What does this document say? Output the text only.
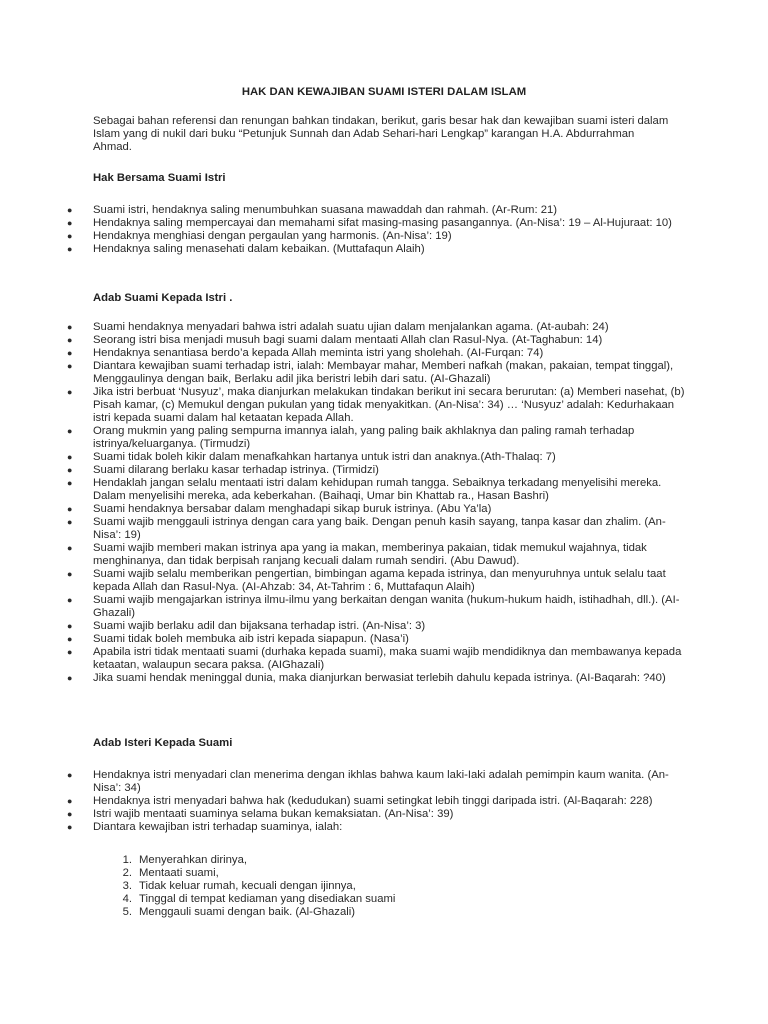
HAK DAN KEWAJIBAN SUAMI ISTERI DALAM ISLAM
Sebagai bahan referensi dan renungan bahkan tindakan, berikut, garis besar hak dan kewajiban suami isteri dalam Islam yang di nukil dari buku “Petunjuk Sunnah dan Adab Sehari-hari Lengkap” karangan H.A. Abdurrahman Ahmad.
Hak Bersama Suami Istri
● Suami istri, hendaknya saling menumbuhkan suasana mawaddah dan rahmah. (Ar-Rum: 21)
● Hendaknya saling mempercayai dan memahami sifat masing-masing pasangannya. (An-Nisa’: 19 – Al-Hujuraat: 10)
● Hendaknya menghiasi dengan pergaulan yang harmonis. (An-Nisa’: 19)
● Hendaknya saling menasehati dalam kebaikan. (Muttafaqun Alaih)
Adab Suami Kepada Istri .
● Suami hendaknya menyadari bahwa istri adalah suatu ujian dalam menjalankan agama. (At-aubah: 24)
● Seorang istri bisa menjadi musuh bagi suami dalam mentaati Allah clan Rasul-Nya. (At-Taghabun: 14)
● Hendaknya senantiasa berdo’a kepada Allah meminta istri yang sholehah. (AI-Furqan: 74)
● Diantara kewajiban suami terhadap istri, ialah: Membayar mahar, Memberi nafkah (makan, pakaian, tempat tinggal), Menggaulinya dengan baik, Berlaku adil jika beristri lebih dari satu. (AI-Ghazali)
● Jika istri berbuat ‘Nusyuz’, maka dianjurkan melakukan tindakan berikut ini secara berurutan: (a) Memberi nasehat, (b) Pisah kamar, (c) Memukul dengan pukulan yang tidak menyakitkan. (An-Nisa’: 34) … ‘Nusyuz’ adalah: Kedurhakaan istri kepada suami dalam hal ketaatan kepada Allah.
● Orang mukmin yang paling sempurna imannya ialah, yang paling baik akhlaknya dan paling ramah terhadap istrinya/keluarganya. (Tirmudzi)
● Suami tidak boleh kikir dalam menafkahkan hartanya untuk istri dan anaknya.(Ath-Thalaq: 7)
● Suami dilarang berlaku kasar terhadap istrinya. (Tirmidzi)
● Hendaklah jangan selalu mentaati istri dalam kehidupan rumah tangga. Sebaiknya terkadang menyelisihi mereka. Dalam menyelisihi mereka, ada keberkahan. (Baihaqi, Umar bin Khattab ra., Hasan Bashri)
● Suami hendaknya bersabar dalam menghadapi sikap buruk istrinya. (Abu Ya’la)
● Suami wajib menggauli istrinya dengan cara yang baik. Dengan penuh kasih sayang, tanpa kasar dan zhalim. (An-Nisa’: 19)
● Suami wajib memberi makan istrinya apa yang ia makan, memberinya pakaian, tidak memukul wajahnya, tidak menghinanya, dan tidak berpisah ranjang kecuali dalam rumah sendiri. (Abu Dawud).
● Suami wajib selalu memberikan pengertian, bimbingan agama kepada istrinya, dan menyuruhnya untuk selalu taat kepada Allah dan Rasul-Nya. (AI-Ahzab: 34, At-Tahrim : 6, Muttafaqun Alaih)
● Suami wajib mengajarkan istrinya ilmu-ilmu yang berkaitan dengan wanita (hukum-hukum haidh, istihadhah, dll.). (AI-Ghazali)
● Suami wajib berlaku adil dan bijaksana terhadap istri. (An-Nisa’: 3)
● Suami tidak boleh membuka aib istri kepada siapapun. (Nasa’i)
● Apabila istri tidak mentaati suami (durhaka kepada suami), maka suami wajib mendidiknya dan membawanya kepada ketaatan, walaupun secara paksa. (AIGhazali)
● Jika suami hendak meninggal dunia, maka dianjurkan berwasiat terlebih dahulu kepada istrinya. (AI-Baqarah: ?40)
Adab Isteri Kepada Suami
● Hendaknya istri menyadari clan menerima dengan ikhlas bahwa kaum laki-Iaki adalah pemimpin kaum wanita. (An-Nisa’: 34)
● Hendaknya istri menyadari bahwa hak (kedudukan) suami setingkat lebih tinggi daripada istri. (Al-Baqarah: 228)
● Istri wajib mentaati suaminya selama bukan kemaksiatan. (An-Nisa’: 39)
● Diantara kewajiban istri terhadap suaminya, ialah:
1. Menyerahkan dirinya,
2. Mentaati suami,
3. Tidak keluar rumah, kecuali dengan ijinnya,
4. Tinggal di tempat kediaman yang disediakan suami
5. Menggauli suami dengan baik. (Al-Ghazali)
